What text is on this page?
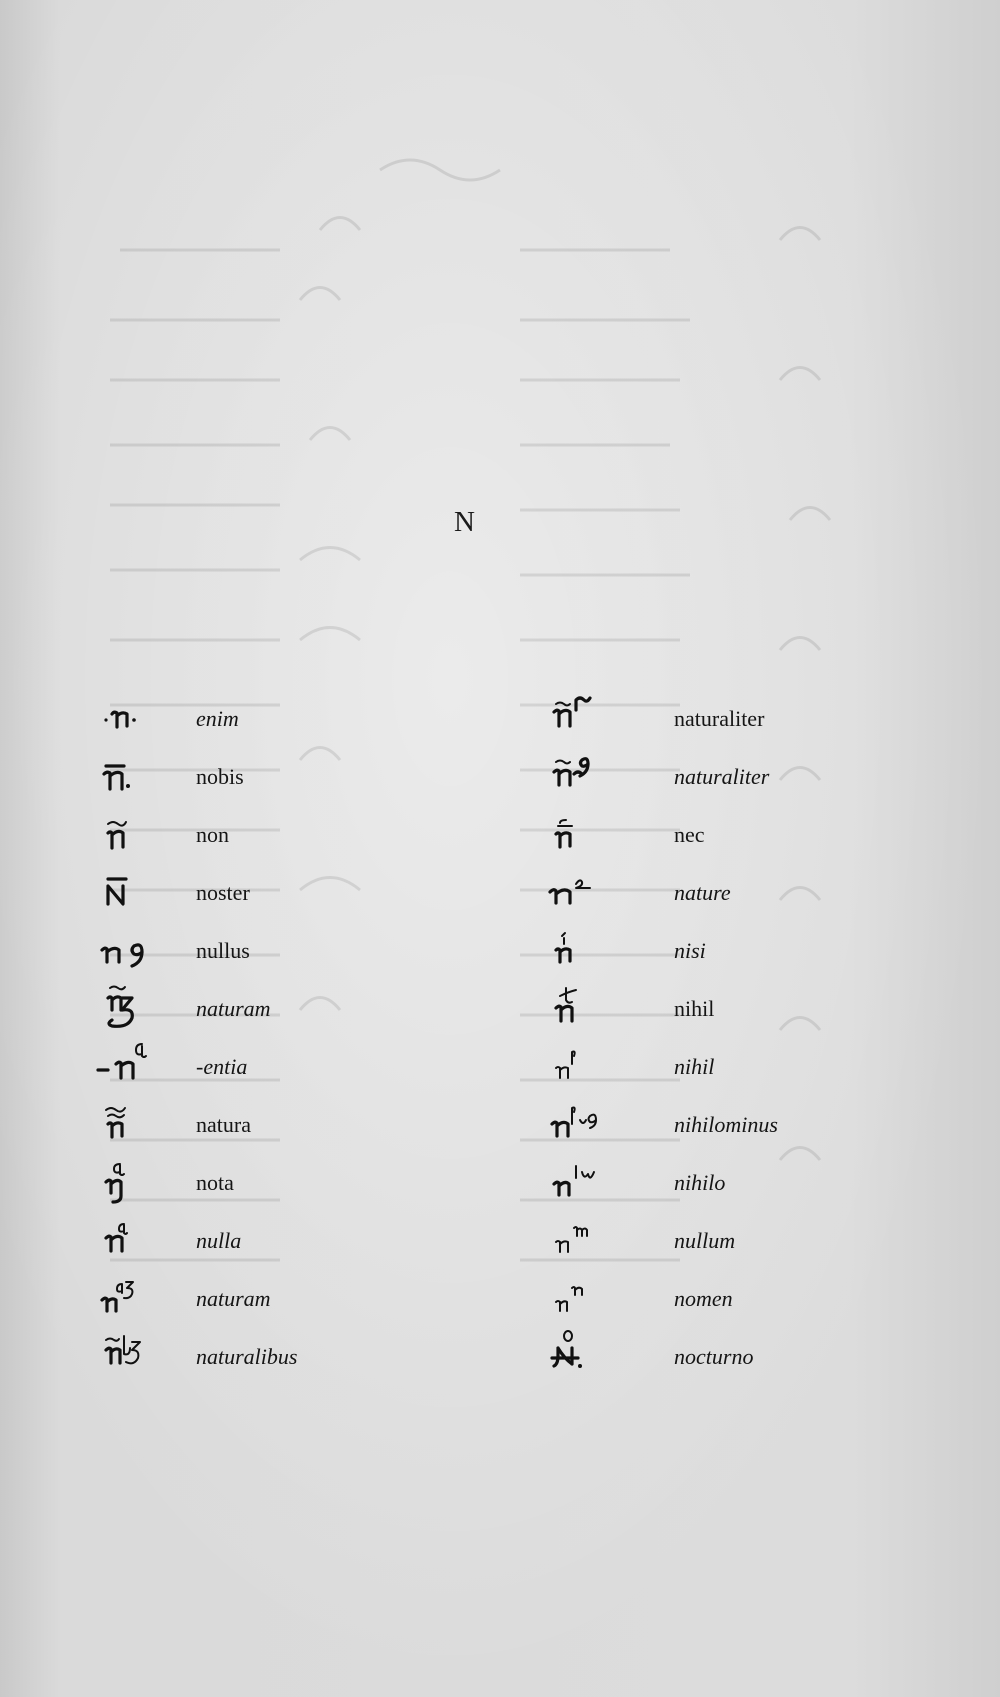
N
enim
nobis
non
noster
nullus
naturam
-entia
natura
nota
nulla
naturam
naturalibus
naturaliter
naturaliter
nec
nature
nisi
nihil
nihil
nihilominus
nihilo
nullum
nomen
nocturno
